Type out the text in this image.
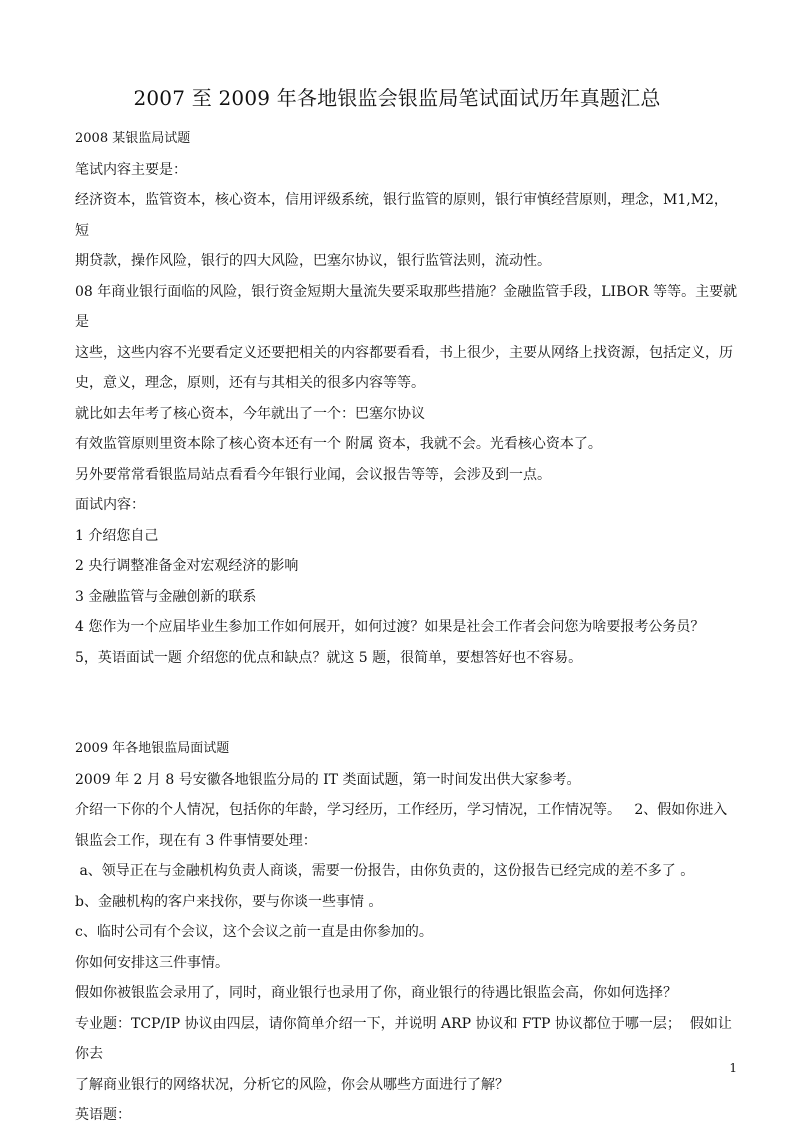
2007 至 2009 年各地银监会银监局笔试面试历年真题汇总
2008 某银监局试题
笔试内容主要是：
经济资本，监管资本，核心资本，信用评级系统，银行监管的原则，银行审慎经营原则，理念，M1,M2，短
期贷款，操作风险，银行的四大风险，巴塞尔协议，银行监管法则，流动性。
08 年商业银行面临的风险，银行资金短期大量流失要采取那些措施？金融监管手段，LIBOR 等等。主要就是
这些，这些内容不光要看定义还要把相关的内容都要看看，书上很少，主要从网络上找资源，包括定义，历
史，意义，理念，原则，还有与其相关的很多内容等等。
就比如去年考了核心资本，今年就出了一个：巴塞尔协议
有效监管原则里资本除了核心资本还有一个 附属 资本，我就不会。光看核心资本了。
另外要常常看银监局站点看看今年银行业闻，会议报告等等，会涉及到一点。
面试内容：
1 介绍您自己
2 央行调整准备金对宏观经济的影响
3 金融监管与金融创新的联系
4 您作为一个应届毕业生参加工作如何展开，如何过渡？如果是社会工作者会问您为啥要报考公务员？
5，英语面试一题 介绍您的优点和缺点？就这 5 题，很简单，要想答好也不容易。
2009 年各地银监局面试题
2009 年 2 月 8 号安徽各地银监分局的 IT 类面试题，第一时间发出供大家参考。
介绍一下你的个人情况，包括你的年龄，学习经历，工作经历，学习情况，工作情况等。   2、假如你进入
银监会工作，现在有 3 件事情要处理：
a、领导正在与金融机构负责人商谈，需要一份报告，由你负责的，这份报告已经完成的差不多了 。
b、金融机构的客户来找你，要与你谈一些事情 。
c、临时公司有个会议，这个会议之前一直是由你参加的。
你如何安排这三件事情。
假如你被银监会录用了，同时，商业银行也录用了你，商业银行的待遇比银监会高，你如何选择？
专业题：TCP/IP 协议由四层，请你简单介绍一下，并说明 ARP 协议和 FTP 协议都位于哪一层；  假如让你去
了解商业银行的网络状况，分析它的风险，你会从哪些方面进行了解？
英语题：
1
